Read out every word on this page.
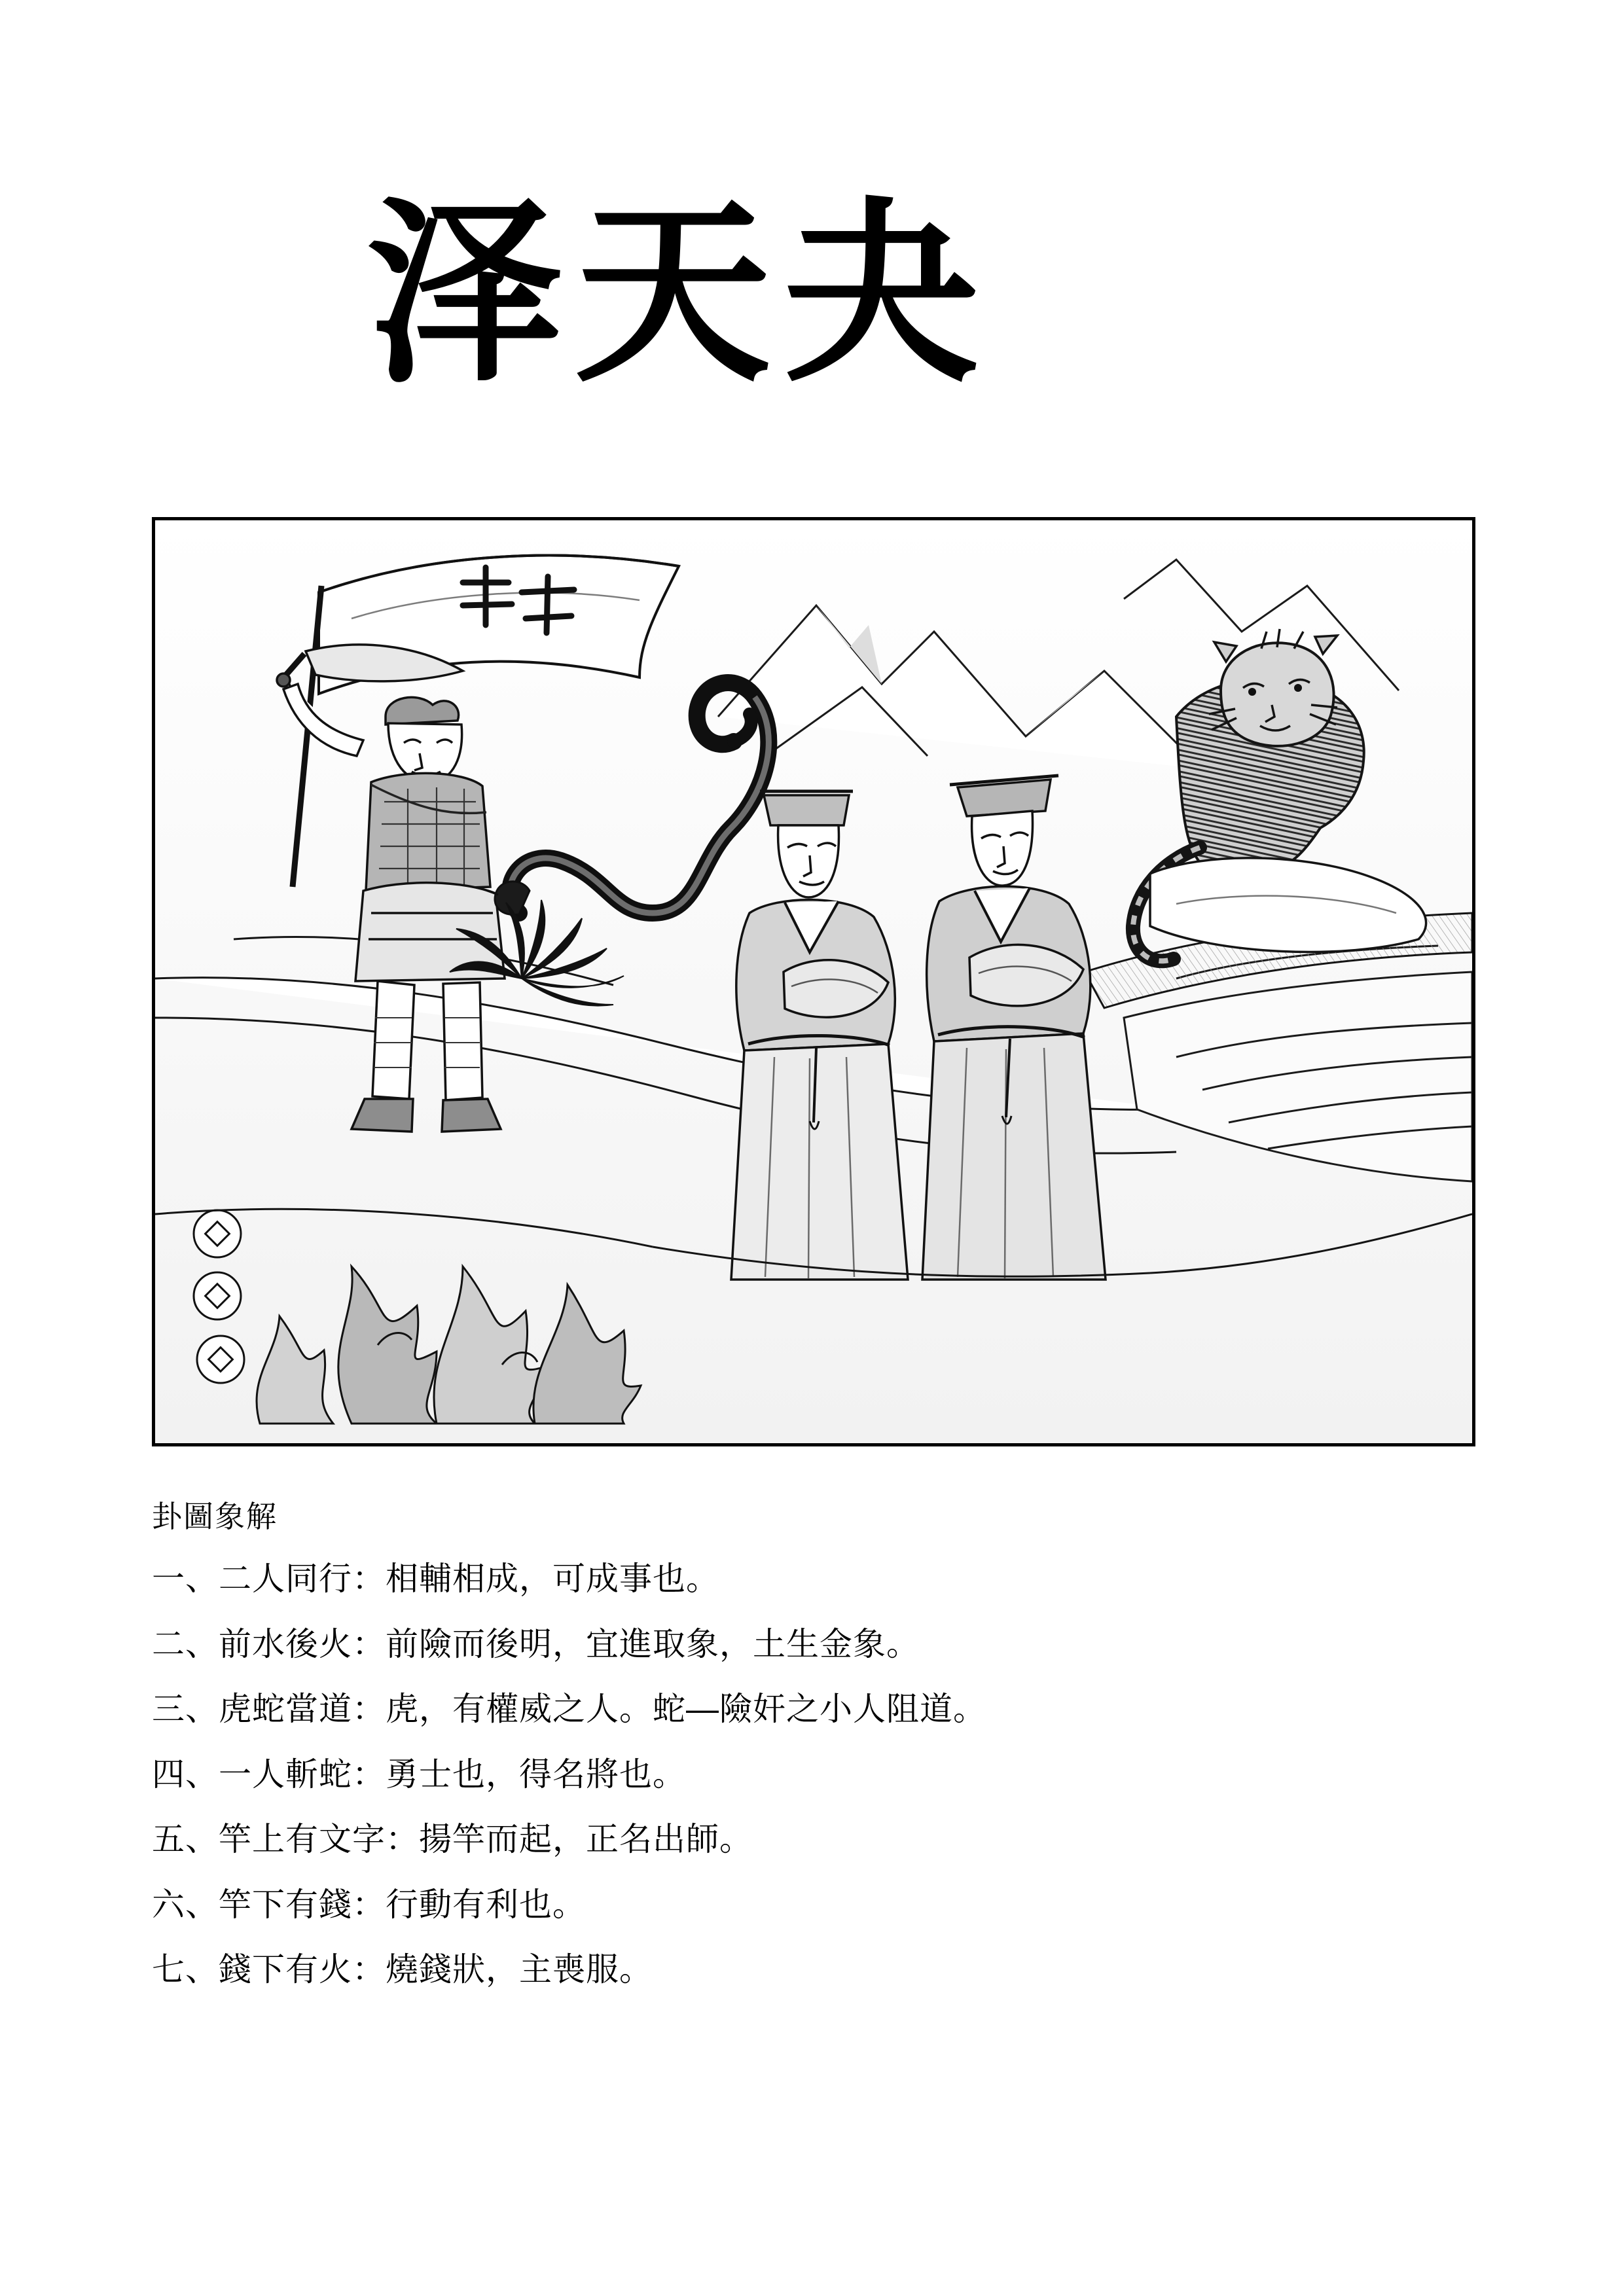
泽天夬
卦圖象解
一、二人同行：相輔相成，可成事也。
二、前水後火：前險而後明，宜進取象，土生金象。
三、虎蛇當道：虎，有權威之人。蛇—險奸之小人阻道。
四、一人斬蛇：勇士也，得名將也。
五、竿上有文字：揚竿而起，正名出師。
六、竿下有錢：行動有利也。
七、錢下有火：燒錢狀，主喪服。
